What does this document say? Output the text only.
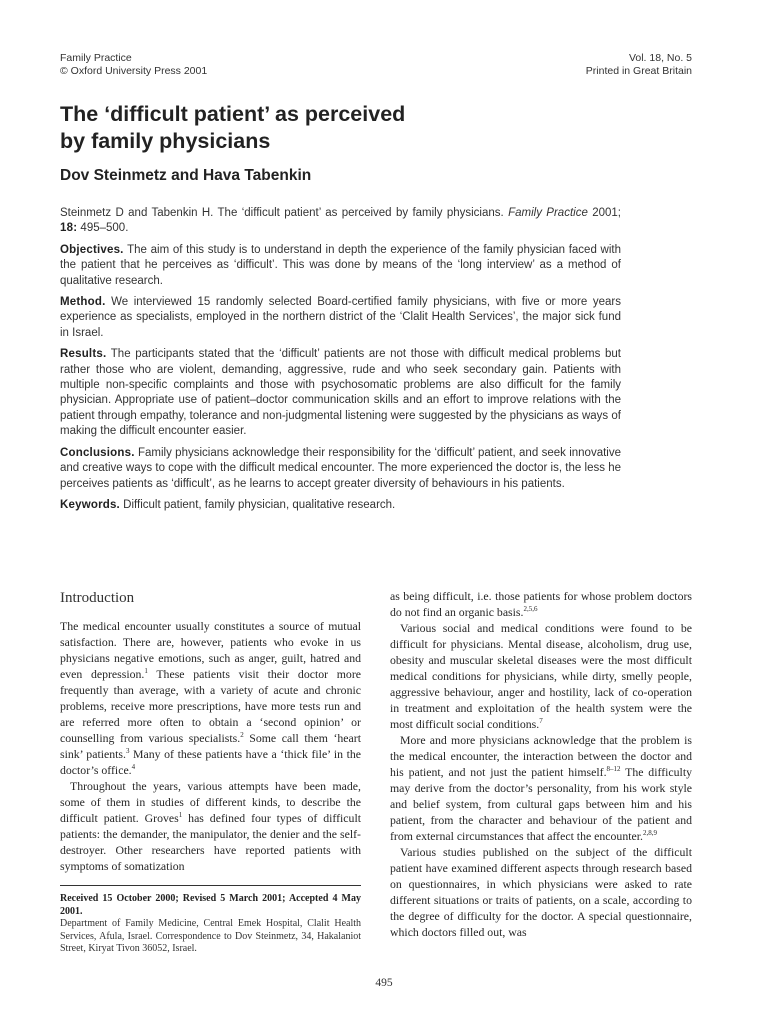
Family Practice
© Oxford University Press 2001
Vol. 18, No. 5
Printed in Great Britain
The ‘difficult patient’ as perceived
by family physicians
Dov Steinmetz and Hava Tabenkin

Steinmetz D and Tabenkin H. The ‘difficult patient’ as perceived by family physicians. Family Practice 2001; 18: 495–500.

Objectives. The aim of this study is to understand in depth the experience of the family physician faced with the patient that he perceives as ‘difficult’. This was done by means of the ‘long interview’ as a method of qualitative research.

Method. We interviewed 15 randomly selected Board-certified family physicians, with five or more years experience as specialists, employed in the northern district of the ‘Clalit Health Services’, the major sick fund in Israel.

Results. The participants stated that the ‘difficult’ patients are not those with difficult medical problems but rather those who are violent, demanding, aggressive, rude and who seek secondary gain. Patients with multiple non-specific complaints and those with psychosomatic problems are also difficult for the family physician. Appropriate use of patient–doctor communication skills and an effort to improve relations with the patient through empathy, tolerance and non-judgmental listening were suggested by the physicians as ways of making the difficult encounter easier.

Conclusions. Family physicians acknowledge their responsibility for the ‘difficult’ patient, and seek innovative and creative ways to cope with the difficult medical encounter. The more experienced the doctor is, the less he perceives patients as ‘difficult’, as he learns to accept greater diversity of behaviours in his patients.

Keywords. Difficult patient, family physician, qualitative research.

Introduction

The medical encounter usually constitutes a source of mutual satisfaction. There are, however, patients who evoke in us physicians negative emotions, such as anger, guilt, hatred and even depression.$^1$ These patients visit their doctor more frequently than average, with a variety of acute and chronic problems, receive more prescriptions, have more tests run and are referred more often to obtain a ‘second opinion’ or counselling from various specialists.$^2$ Some call them ‘heart sink’ patients.$^3$ Many of these patients have a ‘thick file’ in the doctor’s office.$^4$

Throughout the years, various attempts have been made, some of them in studies of different kinds, to describe the difficult patient. Groves$^1$ has defined four types of difficult patients: the demander, the manipulator, the denier and the self-destroyer. Other researchers have reported patients with symptoms of somatization

as being difficult, i.e. those patients for whose problem doctors do not find an organic basis.$^{2,5,6}$

Various social and medical conditions were found to be difficult for physicians. Mental disease, alcoholism, drug use, obesity and muscular skeletal diseases were the most difficult medical conditions for physicians, while dirty, smelly people, aggressive behaviour, anger and hostility, lack of co-operation in treatment and exploitation of the health system were the most difficult social conditions.$^7$

More and more physicians acknowledge that the problem is the medical encounter, the interaction between the doctor and his patient, and not just the patient himself.$^{8-12}$ The difficulty may derive from the doctor’s personality, from his work style and belief system, from cultural gaps between him and his patient, from the character and behaviour of the patient and from external circumstances that affect the encounter.$^{2,8,9}$

Various studies published on the subject of the difficult patient have examined different aspects through research based on questionnaires, in which physicians were asked to rate different situations or traits of patients, on a scale, according to the degree of difficulty for the doctor. A special questionnaire, which doctors filled out, was

Received 15 October 2000; Revised 5 March 2001; Accepted 4 May 2001.
Department of Family Medicine, Central Emek Hospital, Clalit Health Services, Afula, Israel. Correspondence to Dov Steinmetz, 34, Hakalaniot Street, Kiryat Tivon 36052, Israel.
495
